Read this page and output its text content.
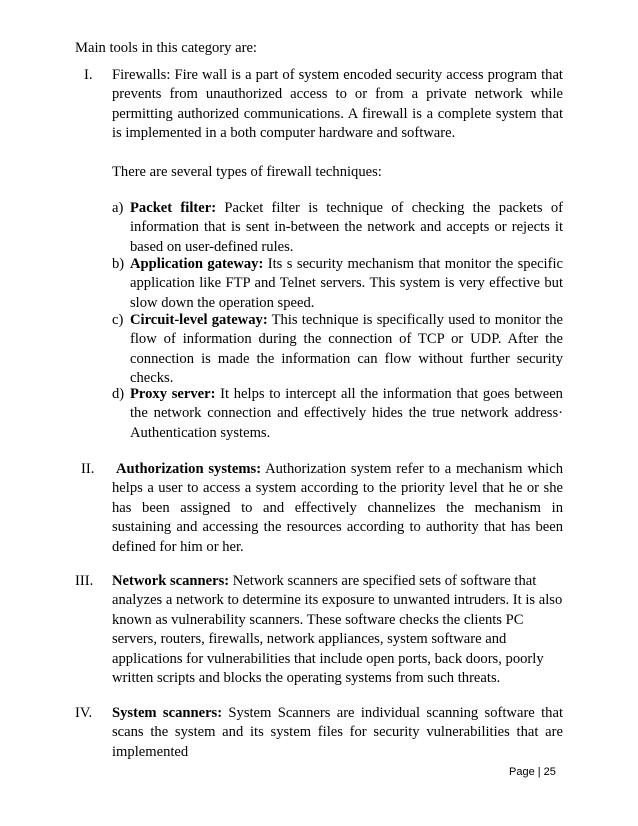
Main tools in this category are:
I.	Firewalls: Fire wall is a part of system encoded security access program that prevents from unauthorized access to or from a private network while permitting authorized communications. A firewall is a complete system that is implemented in a both computer hardware and software.
There are several types of firewall techniques:
a) Packet filter: Packet filter is technique of checking the packets of information that is sent in-between the network and accepts or rejects it based on user-defined rules.
b) Application gateway: Its s security mechanism that monitor the specific application like FTP and Telnet servers. This system is very effective but slow down the operation speed.
c) Circuit-level gateway: This technique is specifically used to monitor the flow of information during the connection of TCP or UDP. After the connection is made the information can flow without further security checks.
d) Proxy server: It helps to intercept all the information that goes between the network connection and effectively hides the true network address· Authentication systems.
II.	Authorization systems: Authorization system refer to a mechanism which helps a user to access a system according to the priority level that he or she has been assigned to and effectively channelizes the mechanism in sustaining and accessing the resources according to authority that has been defined for him or her.
III.	Network scanners: Network scanners are specified sets of software that analyzes a network to determine its exposure to unwanted intruders. It is also known as vulnerability scanners. These software checks the clients PC servers, routers, firewalls, network appliances, system software and applications for vulnerabilities that include open ports, back doors, poorly written scripts and blocks the operating systems from such threats.
IV.	System scanners: System Scanners are individual scanning software that scans the system and its system files for security vulnerabilities that are implemented
Page | 25
